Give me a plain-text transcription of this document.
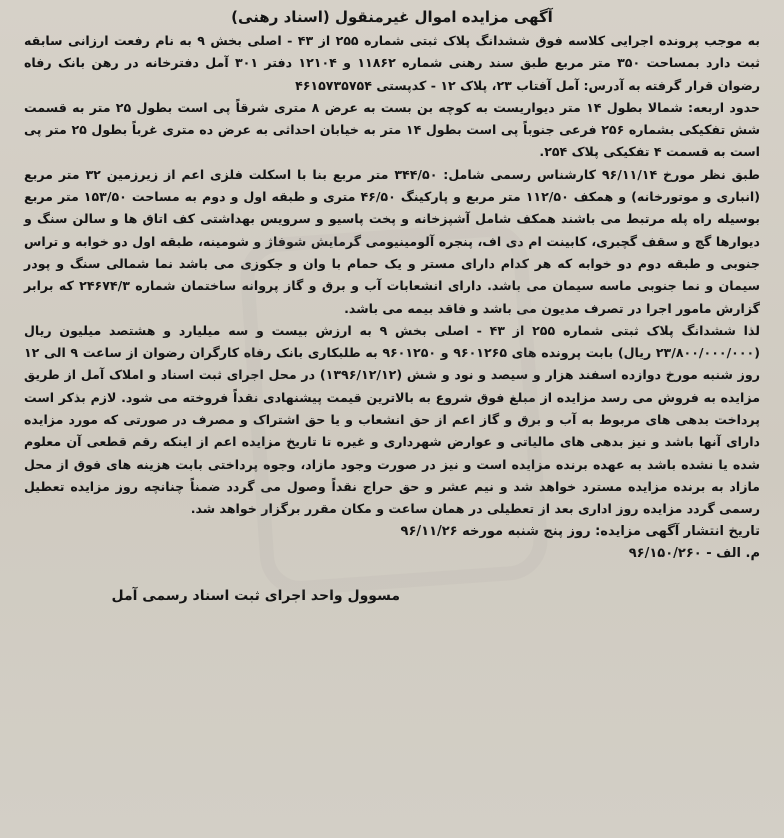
آگهی مزایده اموال غیرمنقول (اسناد رهنی)

به موجب پرونده اجرایی کلاسه فوق ششدانگ پلاک ثبتی شماره ۲۵۵ از ۴۳ - اصلی بخش ۹ به نام رفعت ارزانی سابقه ثبت دارد بمساحت ۳۵۰ متر مربع طبق سند رهنی شماره ۱۱۸۶۲ و ۱۲۱۰۴ دفتر ۳۰۱ آمل دفترخانه در رهن بانک رفاه رضوان قرار گرفته به آدرس: آمل آفتاب ۲۳، پلاک ۱۲ - کدپستی ۴۶۱۵۷۳۵۷۵۴

حدود اربعه: شمالا بطول ۱۴ متر دیواریست به کوچه بن بست به عرض ۸ متری شرقاً پی است بطول ۲۵ متر به قسمت شش تفکیکی بشماره ۲۵۶ فرعی جنوباً پی است بطول ۱۴ متر به خیابان احداثی به عرض ده متری غرباً بطول ۲۵ متر پی است به قسمت ۴ تفکیکی پلاک ۲۵۴.

طبق نظر مورخ ۹۶/۱۱/۱۴ کارشناس رسمی شامل: ۳۴۴/۵۰ متر مربع بنا با اسکلت فلزی اعم از زیرزمین ۳۲ متر مربع (انباری و موتورخانه) و همکف ۱۱۲/۵۰ متر مربع و پارکینگ ۴۶/۵۰ متری و طبقه اول و دوم به مساحت ۱۵۳/۵۰ متر مربع بوسیله راه پله مرتبط می باشند همکف شامل آشپزخانه و پخت پاسیو و سرویس بهداشتی کف اتاق ها و سالن سنگ و دیوارها گچ و سقف گچبری، کابینت ام دی اف، پنجره آلومینیومی گرمایش شوفاژ و شومینه، طبقه اول دو خوابه و تراس جنوبی و طبقه دوم دو خوابه که هر کدام دارای مستر و یک حمام با وان و جکوزی می باشد نما شمالی سنگ و پودر سیمان و نما جنوبی ماسه سیمان می باشد. دارای انشعابات آب و برق و گاز پروانه ساختمان شماره ۲۴۶۷۴/۳ که برابر گزارش مامور اجرا در تصرف مدیون می باشد و فاقد بیمه می باشد.

لذا ششدانگ پلاک ثبتی شماره ۲۵۵ از ۴۳ - اصلی بخش ۹ به ارزش بیست و سه میلیارد و هشتصد میلیون ریال (۲۳/۸۰۰/۰۰۰/۰۰۰ ریال) بابت پرونده های ۹۶۰۱۲۶۵ و ۹۶۰۱۲۵۰ به طلبکاری بانک رفاه کارگران رضوان از ساعت ۹ الی ۱۲ روز شنبه مورخ دوازده اسفند هزار و سیصد و نود و شش (۱۳۹۶/۱۲/۱۲) در محل اجرای ثبت اسناد و املاک آمل از طریق مزایده به فروش می رسد مزایده از مبلغ فوق شروع به بالاترین قیمت پیشنهادی نقداً فروخته می شود. لازم بذکر است پرداخت بدهی های مربوط به آب و برق و گاز اعم از حق انشعاب و یا حق اشتراک و مصرف در صورتی که مورد مزایده دارای آنها باشد و نیز بدهی های مالیاتی و عوارض شهرداری و غیره تا تاریخ مزایده اعم از اینکه رقم قطعی آن معلوم شده یا نشده باشد به عهده برنده مزایده است و نیز در صورت وجود مازاد، وجوه پرداختی بابت هزینه های فوق از محل مازاد به برنده مزایده مسترد خواهد شد و نیم عشر و حق حراج نقداً وصول می گردد ضمناً چنانچه روز مزایده تعطیل رسمی گردد مزایده روز اداری بعد از تعطیلی در همان ساعت و مکان مقرر برگزار خواهد شد.

تاریخ انتشار آگهی مزایده: روز پنج شنبه مورخه ۹۶/۱۱/۲۶

م. الف - ۹۶/۱۵۰/۲۶۰

مسوول واحد اجرای ثبت اسناد رسمی آمل
